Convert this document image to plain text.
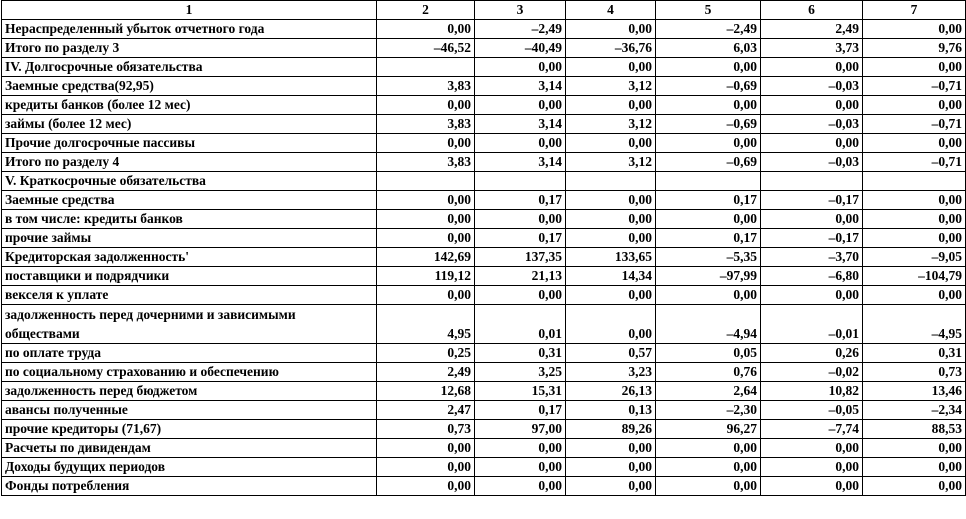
1	2	3	4	5	6	7
Нераспределенный убыток отчетного года	0,00	–2,49	0,00	–2,49	2,49	0,00
Итого по разделу 3	–46,52	–40,49	–36,76	6,03	3,73	9,76
IV. Долгосрочные обязательства		0,00	0,00	0,00	0,00	0,00
Заемные средства(92,95)	3,83	3,14	3,12	–0,69	–0,03	–0,71
кредиты банков (более 12 мес)	0,00	0,00	0,00	0,00	0,00	0,00
займы (более 12 мес)	3,83	3,14	3,12	–0,69	–0,03	–0,71
Прочие долгосрочные пассивы	0,00	0,00	0,00	0,00	0,00	0,00
Итого по разделу 4	3,83	3,14	3,12	–0,69	–0,03	–0,71
V. Краткосрочные обязательства						
Заемные средства	0,00	0,17	0,00	0,17	–0,17	0,00
в том числе: кредиты банков	0,00	0,00	0,00	0,00	0,00	0,00
прочие займы	0,00	0,17	0,00	0,17	–0,17	0,00
Кредиторская задолженность'	142,69	137,35	133,65	–5,35	–3,70	–9,05
поставщики и подрядчики	119,12	21,13	14,34	–97,99	–6,80	–104,79
векселя к уплате	0,00	0,00	0,00	0,00	0,00	0,00
задолженность перед дочерними и зависимыми обществами	4,95	0,01	0,00	–4,94	–0,01	–4,95
по оплате труда	0,25	0,31	0,57	0,05	0,26	0,31
по социальному страхованию и обеспечению	2,49	3,25	3,23	0,76	–0,02	0,73
задолженность перед бюджетом	12,68	15,31	26,13	2,64	10,82	13,46
авансы полученные	2,47	0,17	0,13	–2,30	–0,05	–2,34
прочие кредиторы (71,67)	0,73	97,00	89,26	96,27	–7,74	88,53
Расчеты по дивидендам	0,00	0,00	0,00	0,00	0,00	0,00
Доходы будущих периодов	0,00	0,00	0,00	0,00	0,00	0,00
Фонды потребления	0,00	0,00	0,00	0,00	0,00	0,00
